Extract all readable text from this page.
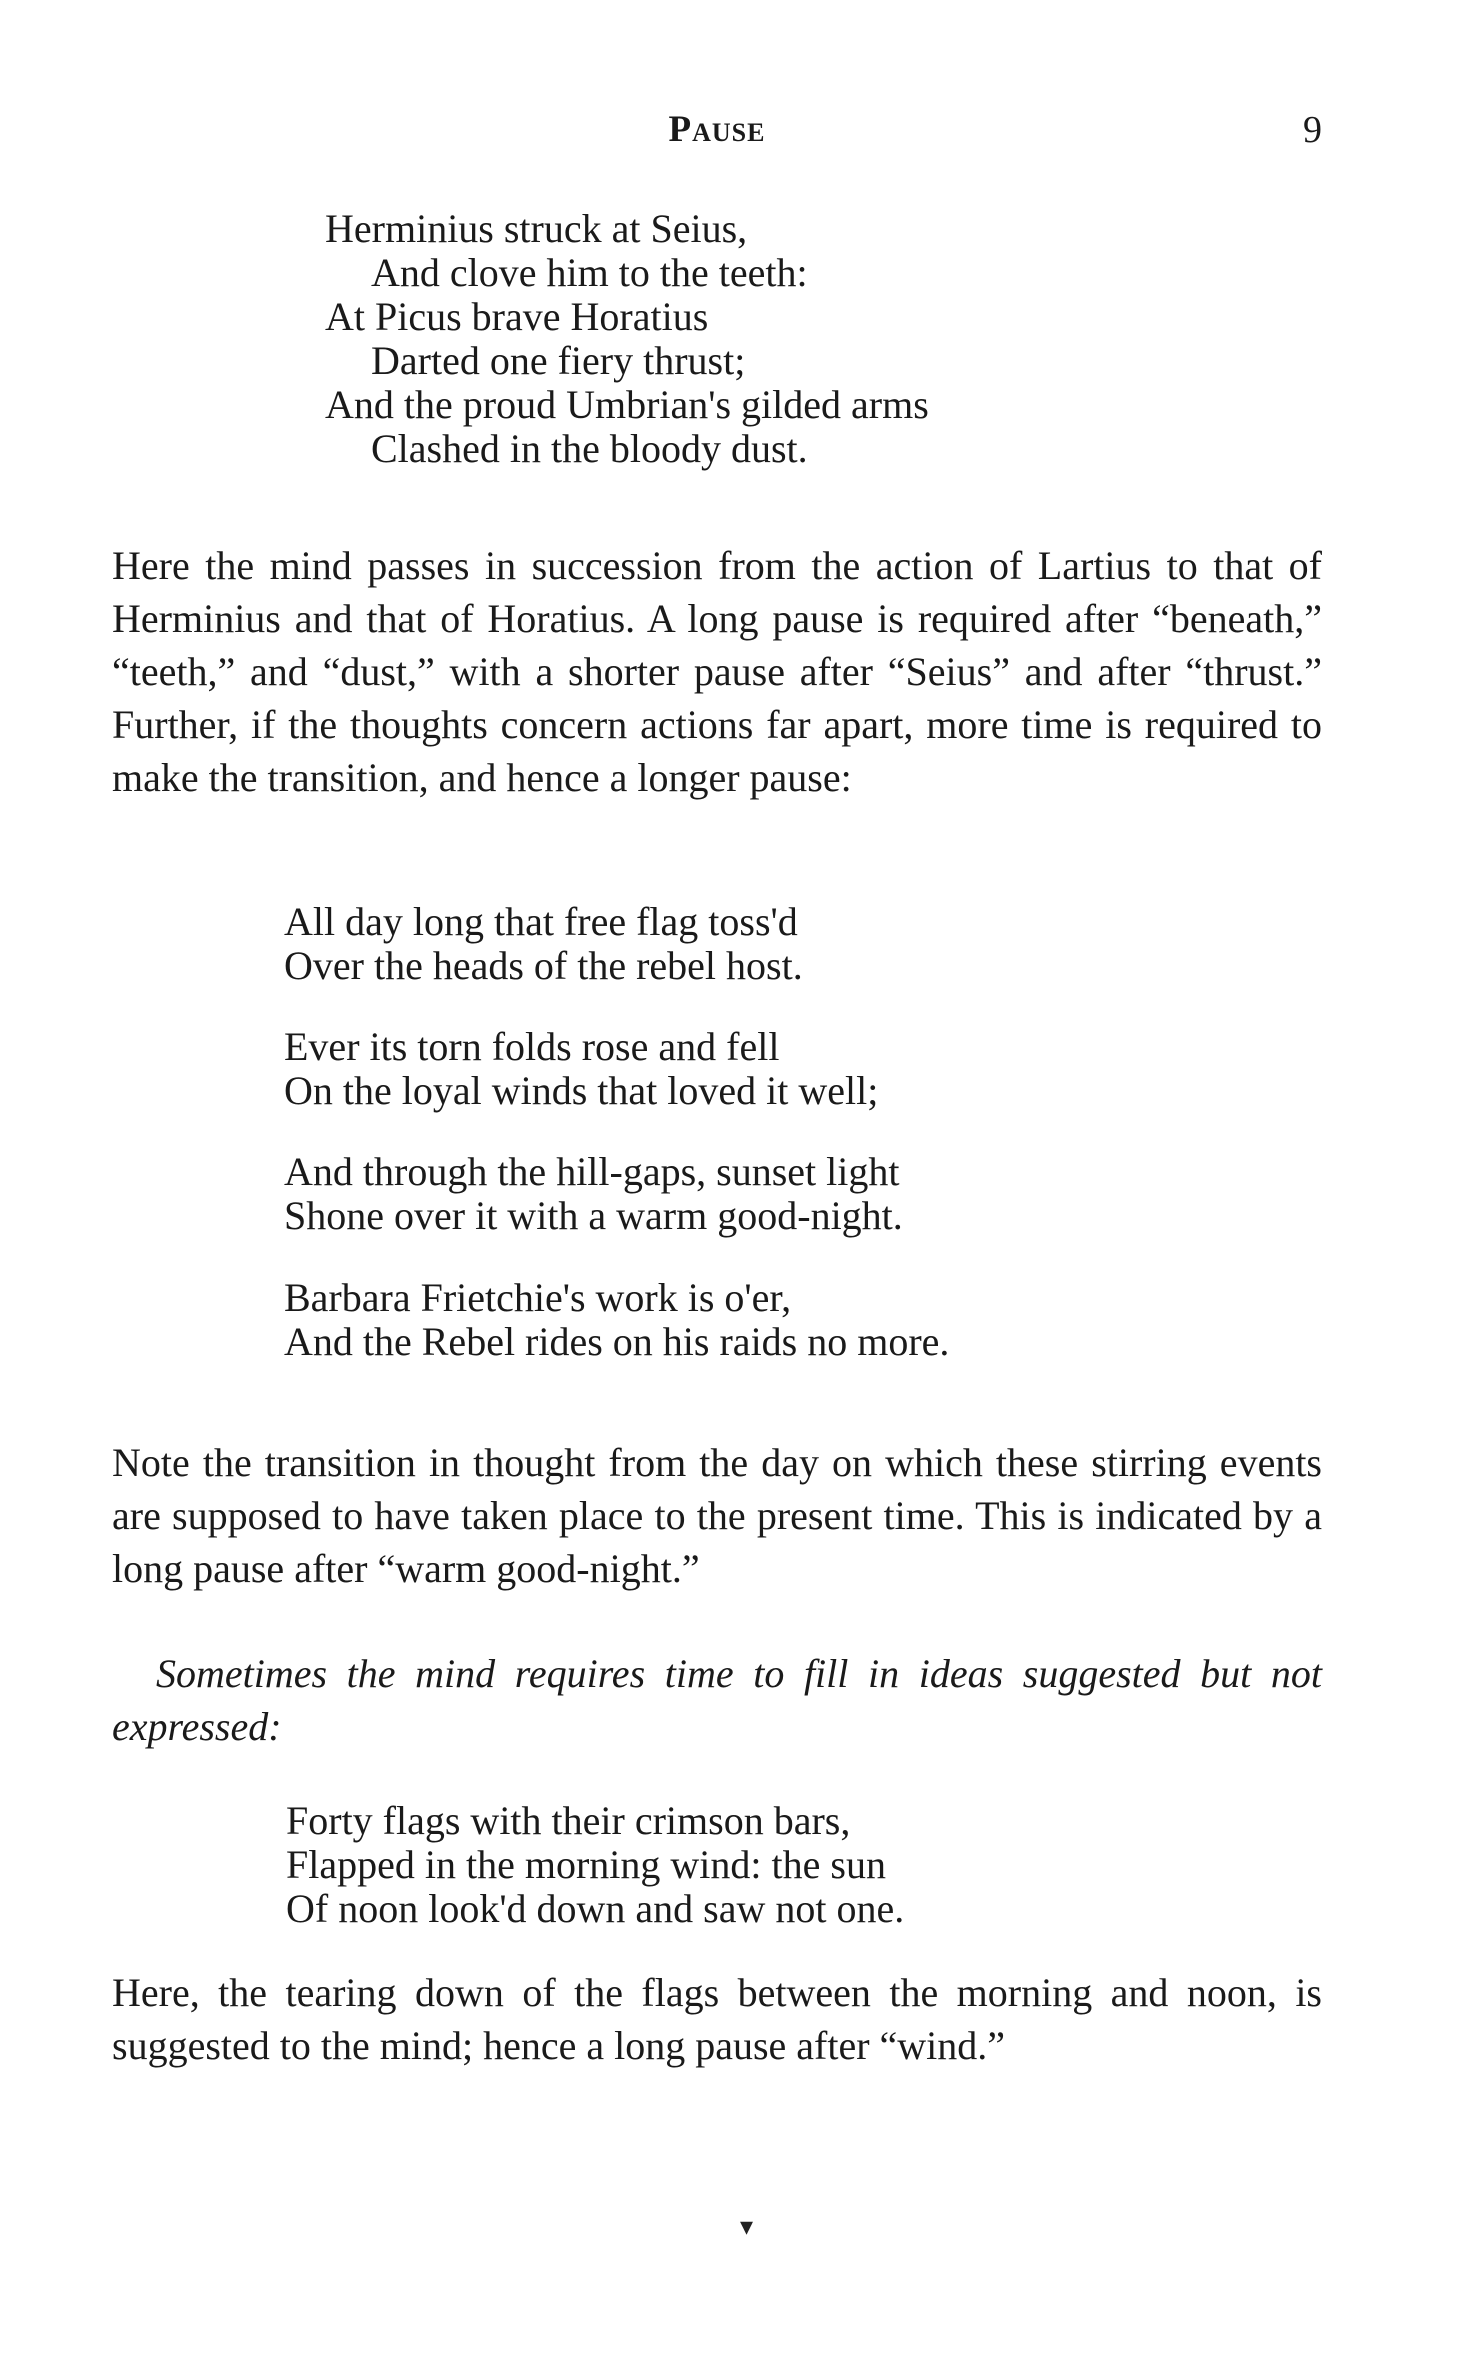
Pause	9
Herminius struck at Seius,
And clove him to the teeth:
At Picus brave Horatius
Darted one fiery thrust;
And the proud Umbrian's gilded arms
Clashed in the bloody dust.

Here the mind passes in succession from the action of Lartius to that of Herminius and that of Horatius. A long pause is required after “beneath,” “teeth,” and “dust,” with a shorter pause after “Seius” and after “thrust.” Further, if the thoughts concern actions far apart, more time is required to make the transition, and hence a longer pause:

All day long that free flag toss'd
Over the heads of the rebel host.
Ever its torn folds rose and fell
On the loyal winds that loved it well;
And through the hill-gaps, sunset light
Shone over it with a warm good-night.
Barbara Frietchie's work is o'er,
And the Rebel rides on his raids no more.

Note the transition in thought from the day on which these stirring events are supposed to have taken place to the present time. This is indicated by a long pause after “warm good-night.”

Sometimes the mind requires time to fill in ideas suggested but not expressed:

Forty flags with their crimson bars,
Flapped in the morning wind: the sun
Of noon look'd down and saw not one.

Here, the tearing down of the flags between the morning and noon, is suggested to the mind; hence a long pause after “wind.”

▾
